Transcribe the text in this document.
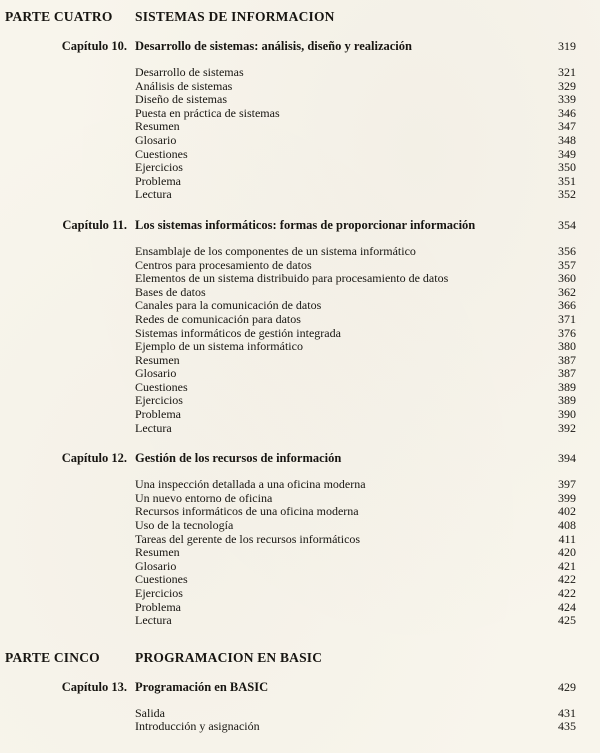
PARTE CUATRO	SISTEMAS DE INFORMACION
Capítulo 10. Desarrollo de sistemas: análisis, diseño y realización	319
Desarrollo de sistemas	321
Análisis de sistemas	329
Diseño de sistemas	339
Puesta en práctica de sistemas	346
Resumen	347
Glosario	348
Cuestiones	349
Ejercicios	350
Problema	351
Lectura	352
Capítulo 11. Los sistemas informáticos: formas de proporcionar información	354
Ensamblaje de los componentes de un sistema informático	356
Centros para procesamiento de datos	357
Elementos de un sistema distribuido para procesamiento de datos	360
Bases de datos	362
Canales para la comunicación de datos	366
Redes de comunicación para datos	371
Sistemas informáticos de gestión integrada	376
Ejemplo de un sistema informático	380
Resumen	387
Glosario	387
Cuestiones	389
Ejercicios	389
Problema	390
Lectura	392
Capítulo 12. Gestión de los recursos de información	394
Una inspección detallada a una oficina moderna	397
Un nuevo entorno de oficina	399
Recursos informáticos de una oficina moderna	402
Uso de la tecnología	408
Tareas del gerente de los recursos informáticos	411
Resumen	420
Glosario	421
Cuestiones	422
Ejercicios	422
Problema	424
Lectura	425
PARTE CINCO	PROGRAMACION EN BASIC
Capítulo 13. Programación en BASIC	429
Salida	431
Introducción y asignación	435
